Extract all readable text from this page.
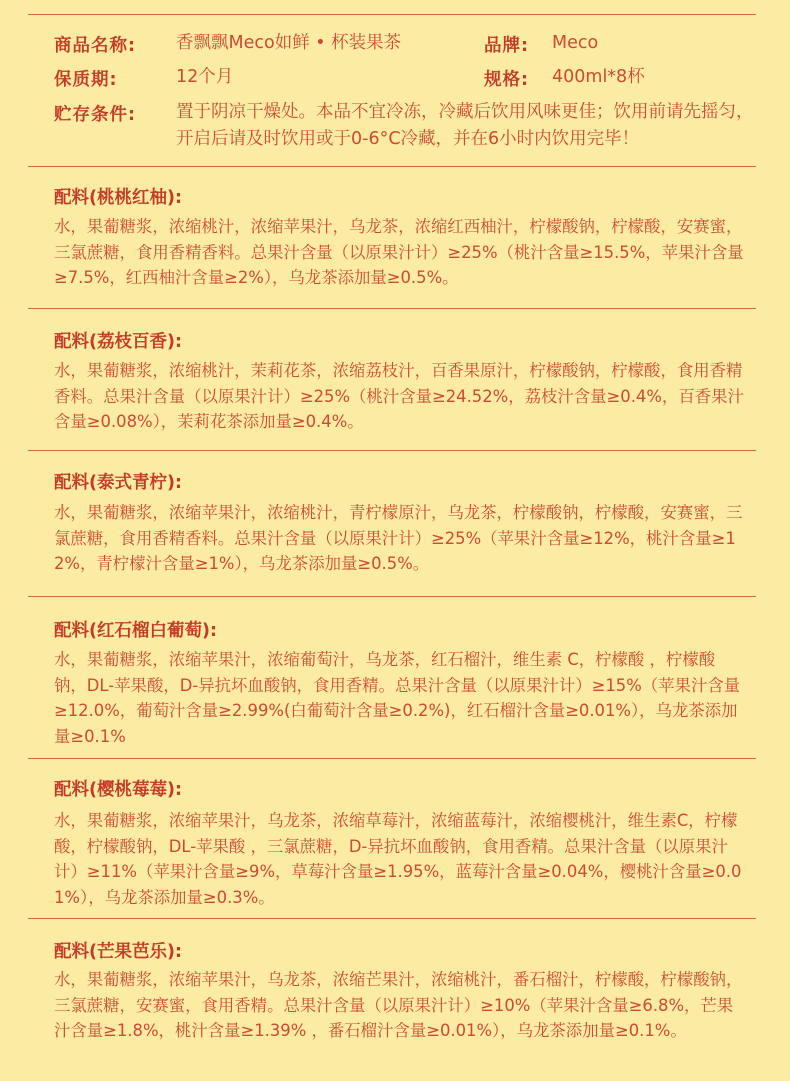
商品名称: 香飘飘Meco如鲜 • 杯装果茶	品牌: Meco
保质期:	12个月	规格: 400ml*8杯
贮存条件: 置于阴凉干燥处。本品不宜冷冻，冷藏后饮用风味更佳；饮用前请先摇匀，开启后请及时饮用或于0-6°C冷藏，并在6小时内饮用完毕！
配料(桃桃红柚):
水，果葡糖浆，浓缩桃汁，浓缩苹果汁，乌龙茶，浓缩红西柚汁，柠檬酸钠，柠檬酸，安赛蜜，三氯蔗糖，食用香精香料。总果汁含量（以原果汁计）≥25%（桃汁含量≥15.5%，苹果汁含量≥7.5%，红西柚汁含量≥2%），乌龙茶添加量≥0.5%。
配料(荔枝百香):
水，果葡糖浆，浓缩桃汁，茉莉花茶，浓缩荔枝汁，百香果原汁，柠檬酸钠，柠檬酸，食用香精香料。总果汁含量（以原果汁计）≥25%（桃汁含量≥24.52%，荔枝汁含量≥0.4%，百香果汁含量≥0.08%），茉莉花茶添加量≥0.4%。
配料(泰式青柠):
水，果葡糖浆，浓缩苹果汁，浓缩桃汁，青柠檬原汁，乌龙茶，柠檬酸钠，柠檬酸，安赛蜜，三氯蔗糖，食用香精香料。总果汁含量（以原果汁计）≥25%（苹果汁含量≥12%，桃汁含量≥12%，青柠檬汁含量≥1%），乌龙茶添加量≥0.5%。
配料(红石榴白葡萄):
水，果葡糖浆，浓缩苹果汁，浓缩葡萄汁，乌龙茶，红石榴汁，维生素 C，柠檬酸 ，柠檬酸钠，DL-苹果酸，D-异抗坏血酸钠，食用香精。总果汁含量（以原果汁计）≥15%（苹果汁含量≥12.0%，葡萄汁含量≥2.99%(白葡萄汁含量≥0.2%)，红石榴汁含量≥0.01%），乌龙茶添加量≥0.1%
配料(樱桃莓莓):
水，果葡糖浆，浓缩苹果汁，乌龙茶，浓缩草莓汁，浓缩蓝莓汁，浓缩樱桃汁，维生素C，柠檬酸，柠檬酸钠，DL-苹果酸 ，三氯蔗糖，D-异抗坏血酸钠，食用香精。总果汁含量（以原果汁计）≥11%（苹果汁含量≥9%，草莓汁含量≥1.95%，蓝莓汁含量≥0.04%，樱桃汁含量≥0.01%），乌龙茶添加量≥0.3%。
配料(芒果芭乐):
水，果葡糖浆，浓缩苹果汁，乌龙茶，浓缩芒果汁，浓缩桃汁，番石榴汁，柠檬酸，柠檬酸钠，三氯蔗糖，安赛蜜，食用香精。总果汁含量（以原果汁计）≥10%（苹果汁含量≥6.8%，芒果汁含量≥1.8%，桃汁含量≥1.39% ，番石榴汁含量≥0.01%），乌龙茶添加量≥0.1%。
